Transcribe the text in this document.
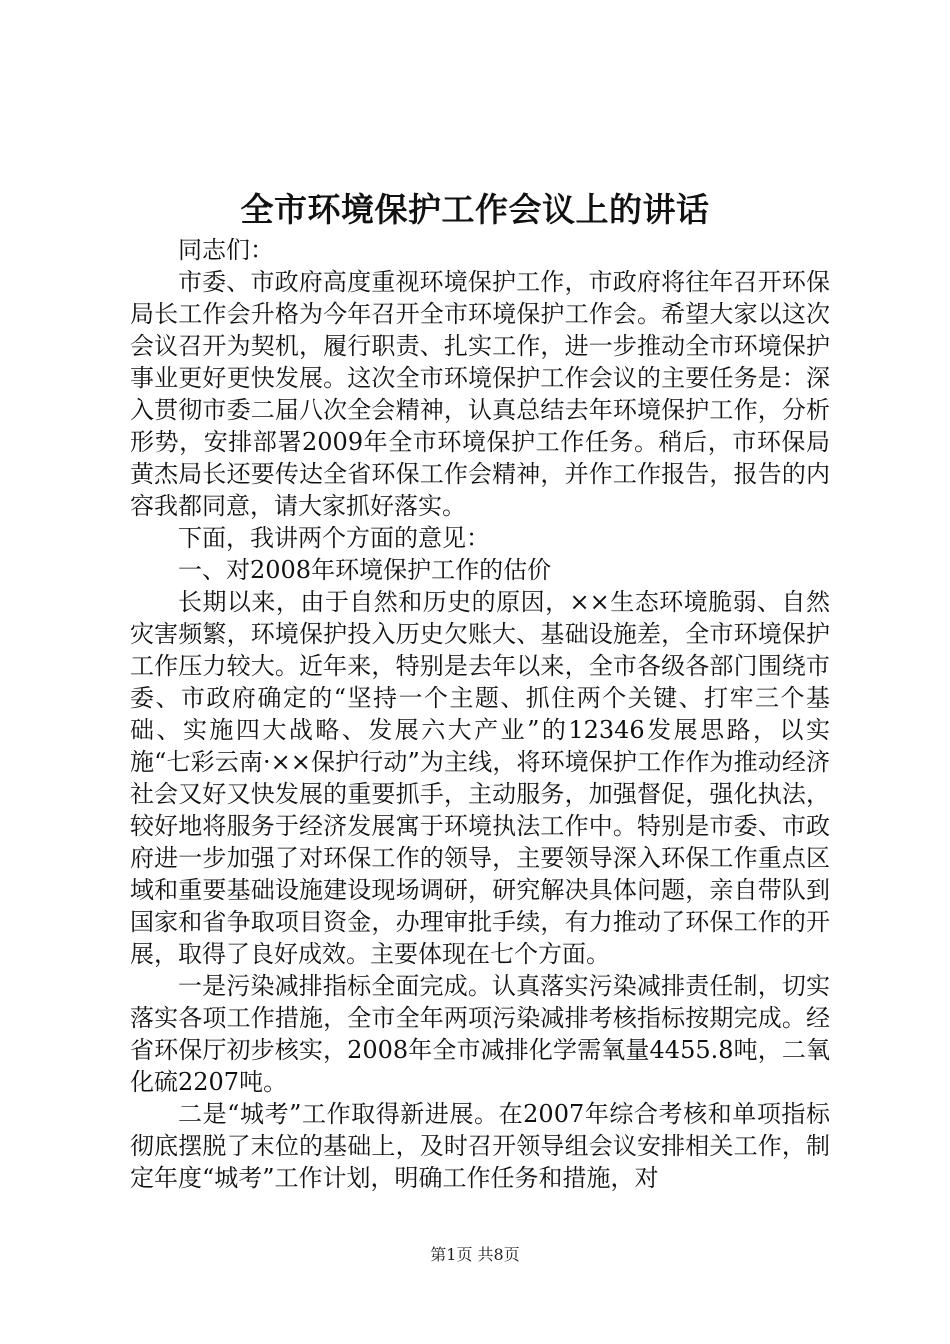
全市环境保护工作会议上的讲话

同志们：

市委、市政府高度重视环境保护工作，市政府将往年召开环保局长工作会升格为今年召开全市环境保护工作会。希望大家以这次会议召开为契机，履行职责、扎实工作，进一步推动全市环境保护事业更好更快发展。这次全市环境保护工作会议的主要任务是：深入贯彻市委二届八次全会精神，认真总结去年环境保护工作，分析形势，安排部署2009年全市环境保护工作任务。稍后，市环保局黄杰局长还要传达全省环保工作会精神，并作工作报告，报告的内容我都同意，请大家抓好落实。

下面，我讲两个方面的意见：

一、对2008年环境保护工作的估价

长期以来，由于自然和历史的原因，××生态环境脆弱、自然灾害频繁，环境保护投入历史欠账大、基础设施差，全市环境保护工作压力较大。近年来，特别是去年以来，全市各级各部门围绕市委、市政府确定的“坚持一个主题、抓住两个关键、打牢三个基础、实施四大战略、发展六大产业”的12346发展思路，以实施“七彩云南·××保护行动”为主线，将环境保护工作作为推动经济社会又好又快发展的重要抓手，主动服务，加强督促，强化执法，较好地将服务于经济发展寓于环境执法工作中。特别是市委、市政府进一步加强了对环保工作的领导，主要领导深入环保工作重点区域和重要基础设施建设现场调研，研究解决具体问题，亲自带队到国家和省争取项目资金，办理审批手续，有力推动了环保工作的开展，取得了良好成效。主要体现在七个方面。

一是污染减排指标全面完成。认真落实污染减排责任制，切实落实各项工作措施，全市全年两项污染减排考核指标按期完成。经省环保厅初步核实，2008年全市减排化学需氧量4455.8吨，二氧化硫2207吨。

二是“城考”工作取得新进展。在2007年综合考核和单项指标彻底摆脱了末位的基础上，及时召开领导组会议安排相关工作，制定年度“城考”工作计划，明确工作任务和措施，对

第1页 共8页
